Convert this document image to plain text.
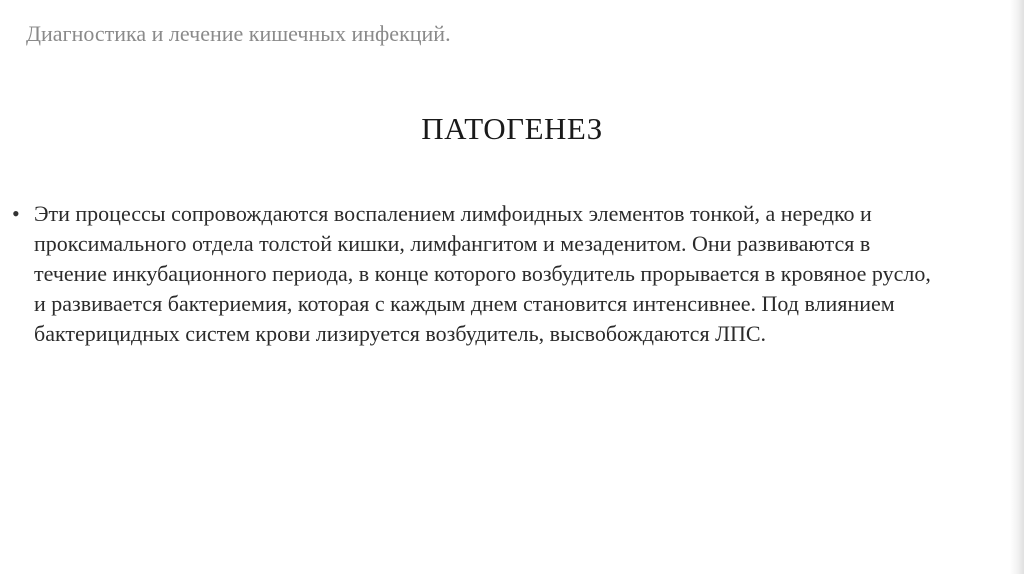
Диагностика и лечение кишечных инфекций.
ПАТОГЕНЕЗ
• Эти процессы сопровождаются воспалением лимфоидных элементов тонкой, а нередко и проксимального отдела толстой кишки, лимфангитом и мезаденитом. Они развиваются в течение инкубационного периода, в конце которого возбудитель прорывается в кровяное русло, и развивается бактериемия, которая с каждым днем становится интенсивнее. Под влиянием бактерицидных систем крови лизируется возбудитель, высвобождаются ЛПС.
